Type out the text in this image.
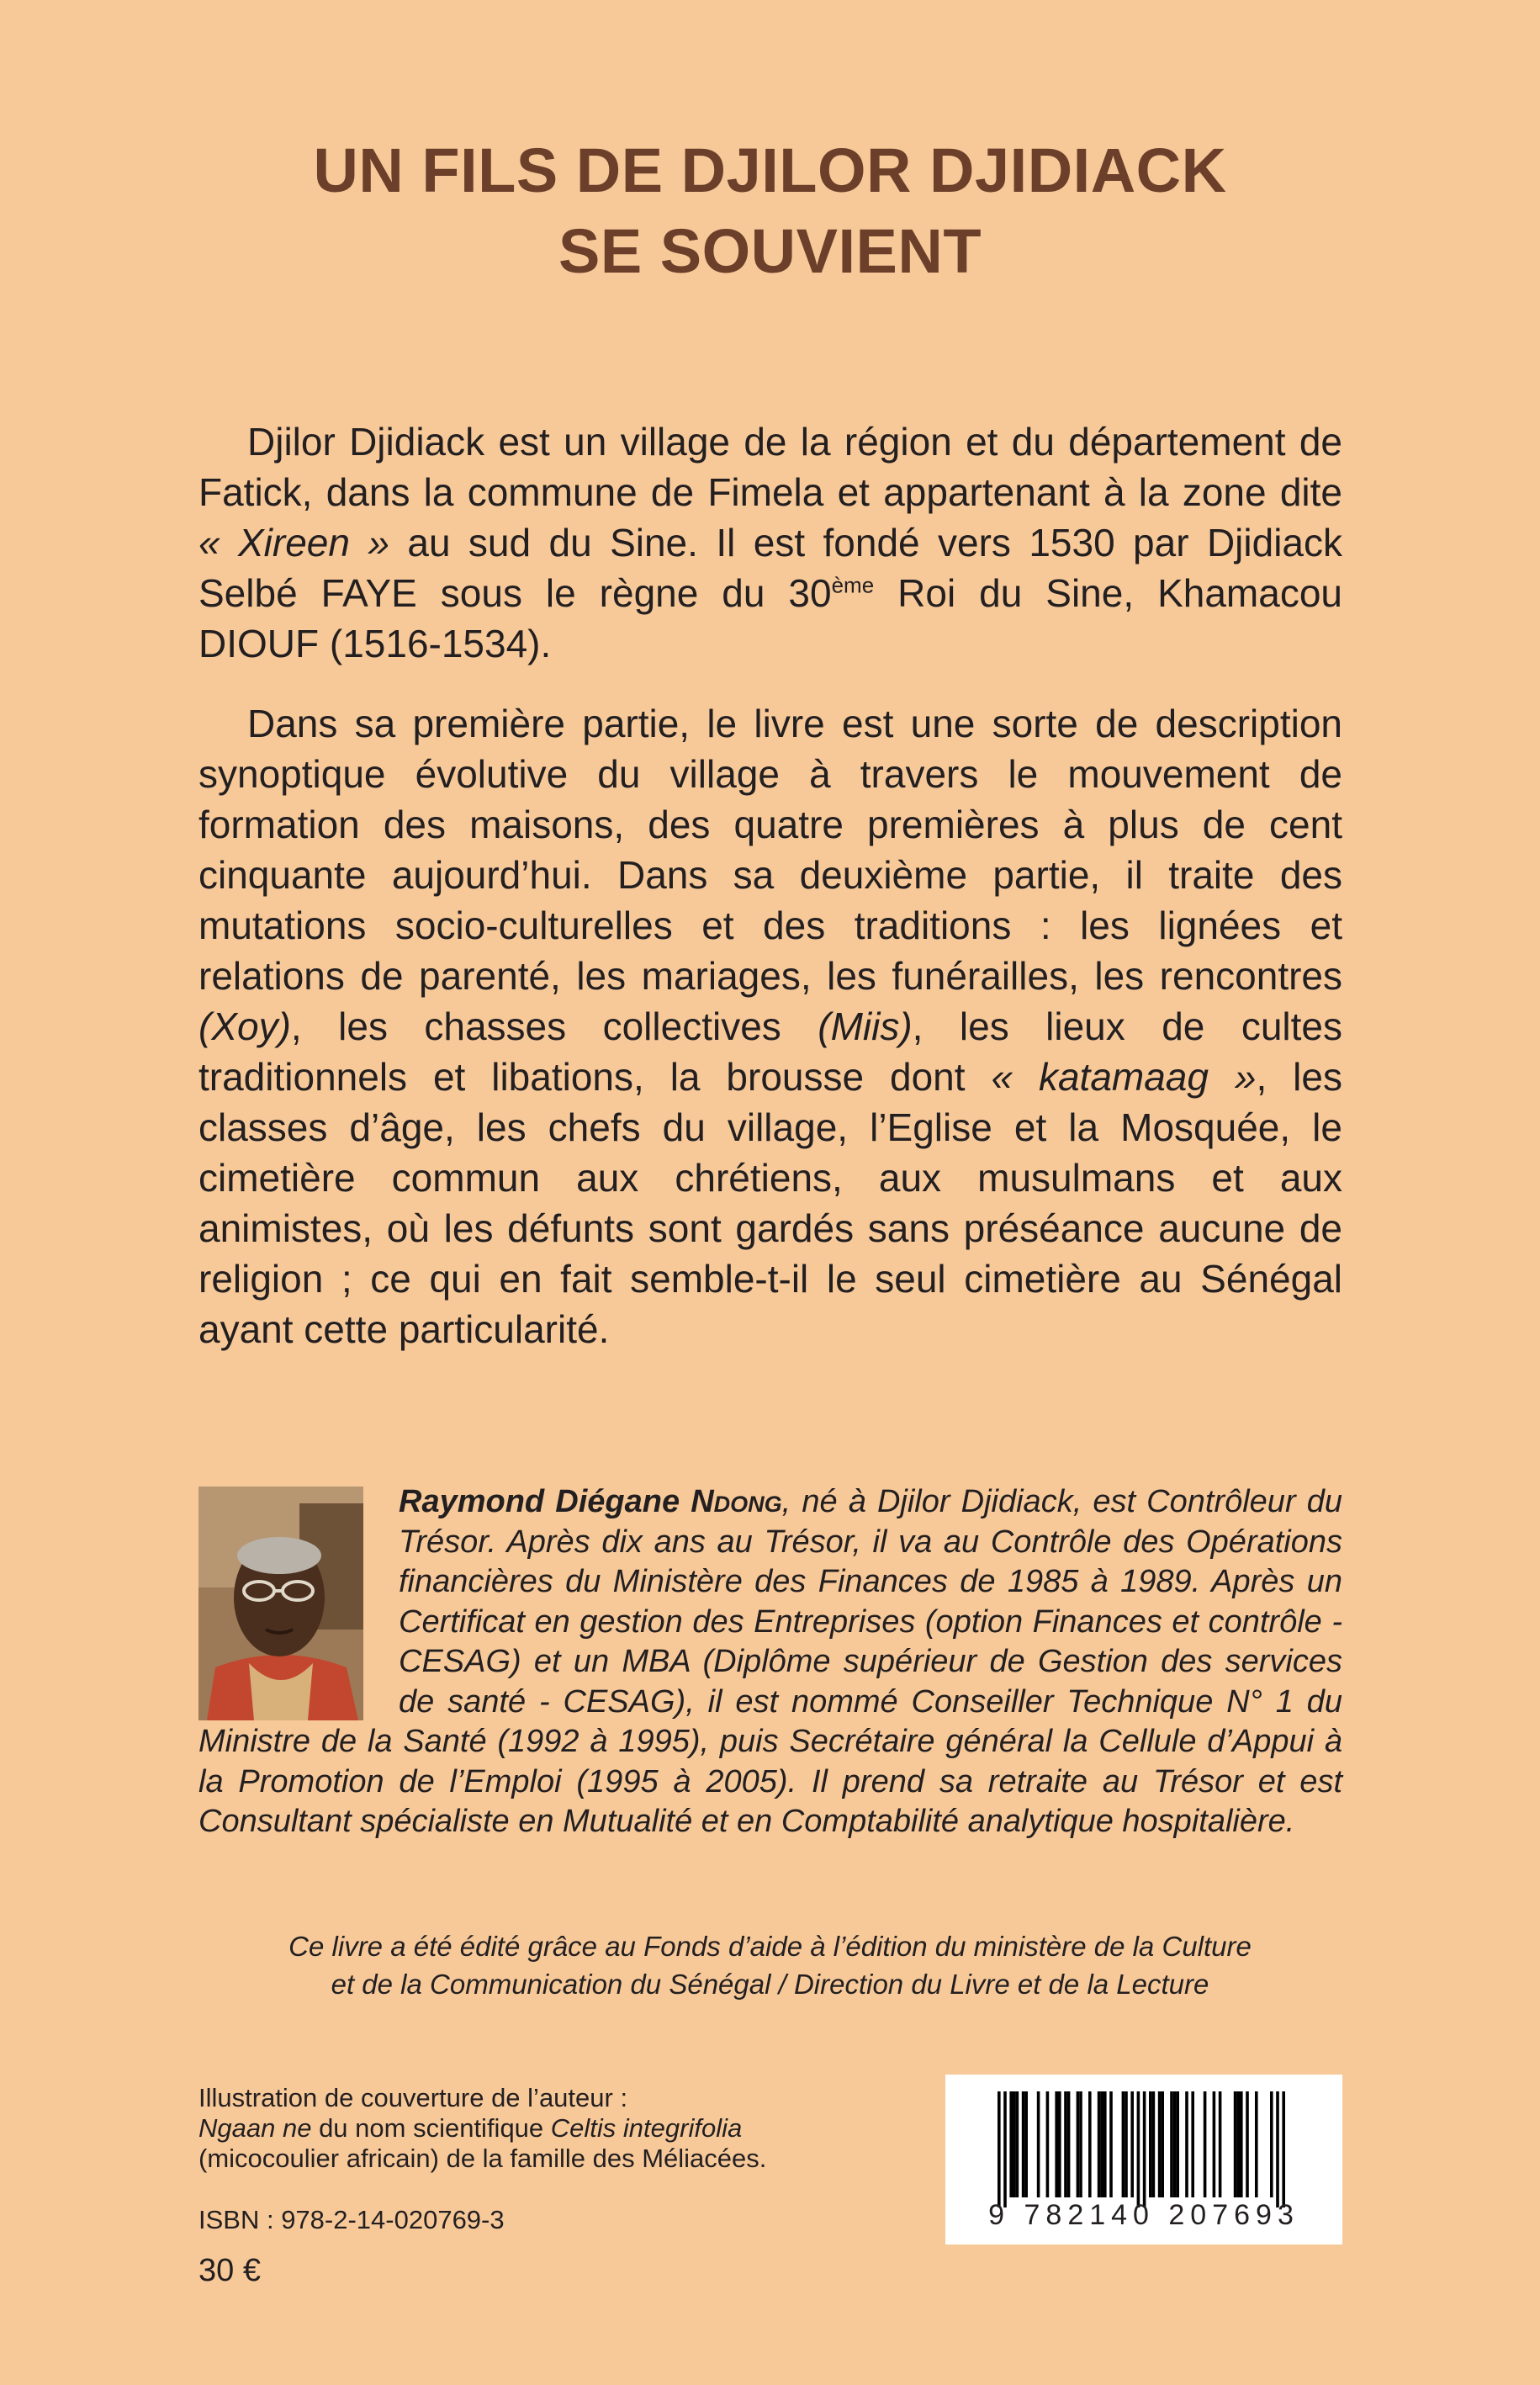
UN FILS DE DJILOR DJIDIACK
SE SOUVIENT

Djilor Djidiack est un village de la région et du département de Fatick, dans la commune de Fimela et appartenant à la zone dite « Xireen » au sud du Sine. Il est fondé vers 1530 par Djidiack Selbé FAYE sous le règne du 30ème Roi du Sine, Khamacou DIOUF (1516-1534).

Dans sa première partie, le livre est une sorte de description synoptique évolutive du village à travers le mouvement de formation des maisons, des quatre premières à plus de cent cinquante aujourd’hui. Dans sa deuxième partie, il traite des mutations socio-culturelles et des traditions : les lignées et relations de parenté, les mariages, les funérailles, les rencontres (Xoy), les chasses collectives (Miis), les lieux de cultes traditionnels et libations, la brousse dont « katamaag », les classes d’âge, les chefs du village, l’Eglise et la Mosquée, le cimetière commun aux chrétiens, aux musulmans et aux animistes, où les défunts sont gardés sans préséance aucune de religion ; ce qui en fait semble-t-il le seul cimetière au Sénégal ayant cette particularité.

Raymond Diégane Ndong, né à Djilor Djidiack, est Contrôleur du Trésor. Après dix ans au Trésor, il va au Contrôle des Opérations financières du Ministère des Finances de 1985 à 1989. Après un Certificat en gestion des Entreprises (option Finances et contrôle - CESAG) et un MBA (Diplôme supérieur de Gestion des services de santé - CESAG), il est nommé Conseiller Technique N° 1 du Ministre de la Santé (1992 à 1995), puis Secrétaire général la Cellule d’Appui à la Promotion de l’Emploi (1995 à 2005). Il prend sa retraite au Trésor et est Consultant spécialiste en Mutualité et en Comptabilité analytique hospitalière.

Ce livre a été édité grâce au Fonds d’aide à l’édition du ministère de la Culture
et de la Communication du Sénégal / Direction du Livre et de la Lecture
Illustration de couverture de l’auteur :
Ngaan ne du nom scientifique Celtis integrifolia
(micocoulier africain) de la famille des Méliacées.
ISBN : 978-2-14-020769-3
30 €
9 782140 207693
